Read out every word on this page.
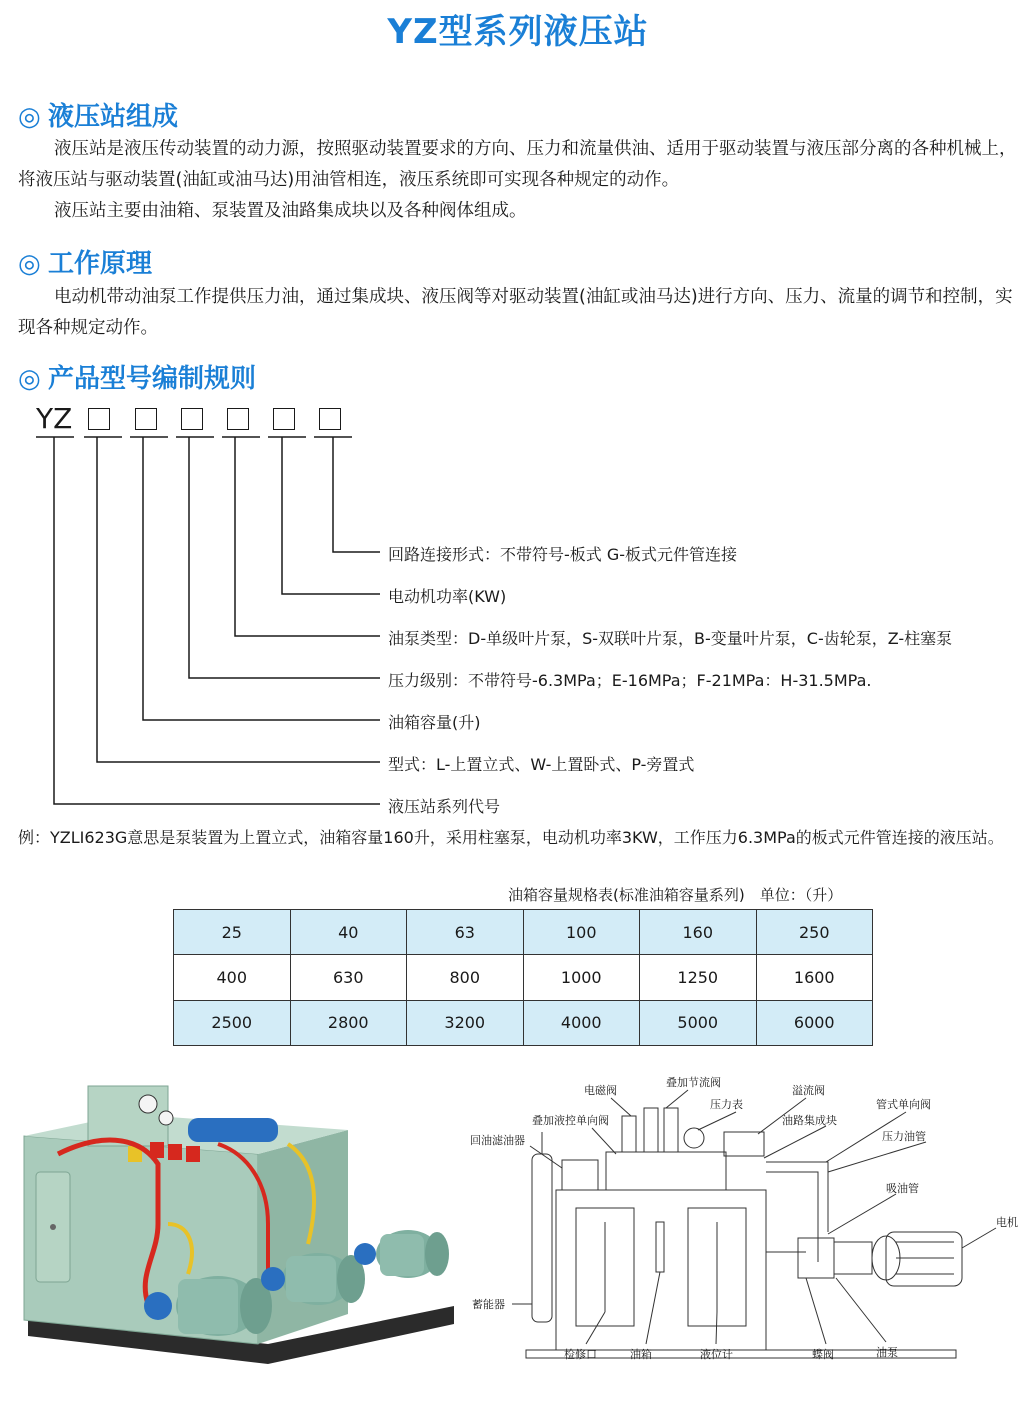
YZ型系列液压站
◎ 液压站组成

液压站是液压传动装置的动力源，按照驱动装置要求的方向、压力和流量供油、适用于驱动装置与液压部分离的各种机械上，将液压站与驱动装置(油缸或油马达)用油管相连，液压系统即可实现各种规定的动作。

液压站主要由油箱、泵装置及油路集成块以及各种阀体组成。

◎ 工作原理

电动机带动油泵工作提供压力油，通过集成块、液压阀等对驱动装置(油缸或油马达)进行方向、压力、流量的调节和控制，实现各种规定动作。

◎ 产品型号编制规则
YZ
回路连接形式：不带符号-板式 G-板式元件管连接
电动机功率(KW)
油泵类型：D-单级叶片泵，S-双联叶片泵，B-变量叶片泵，C-齿轮泵，Z-柱塞泵
压力级别：不带符号-6.3MPa；E-16MPa；F-21MPa：H-31.5MPa.
油箱容量(升)
型式：L-上置立式、W-上置卧式、P-旁置式
液压站系列代号
例：YZLI623G意思是泵装置为上置立式，油箱容量160升，采用柱塞泵，电动机功率3KW，工作压力6.3MPa的板式元件管连接的液压站。
油箱容量规格表(标准油箱容量系列)　单位：（升）
25	40	63	100	160	250
400	630	800	1000	1250	1600
2500	2800	3200	4000	5000	6000
电磁阀
叠加节流阀
溢流阀
压力表	管式单向阀
叠加液控单向阀	油路集成块
回油滤油器	压力油管
吸油管
电机
蓄能器
检修口	油箱	液位计	蝶阀	油泵
